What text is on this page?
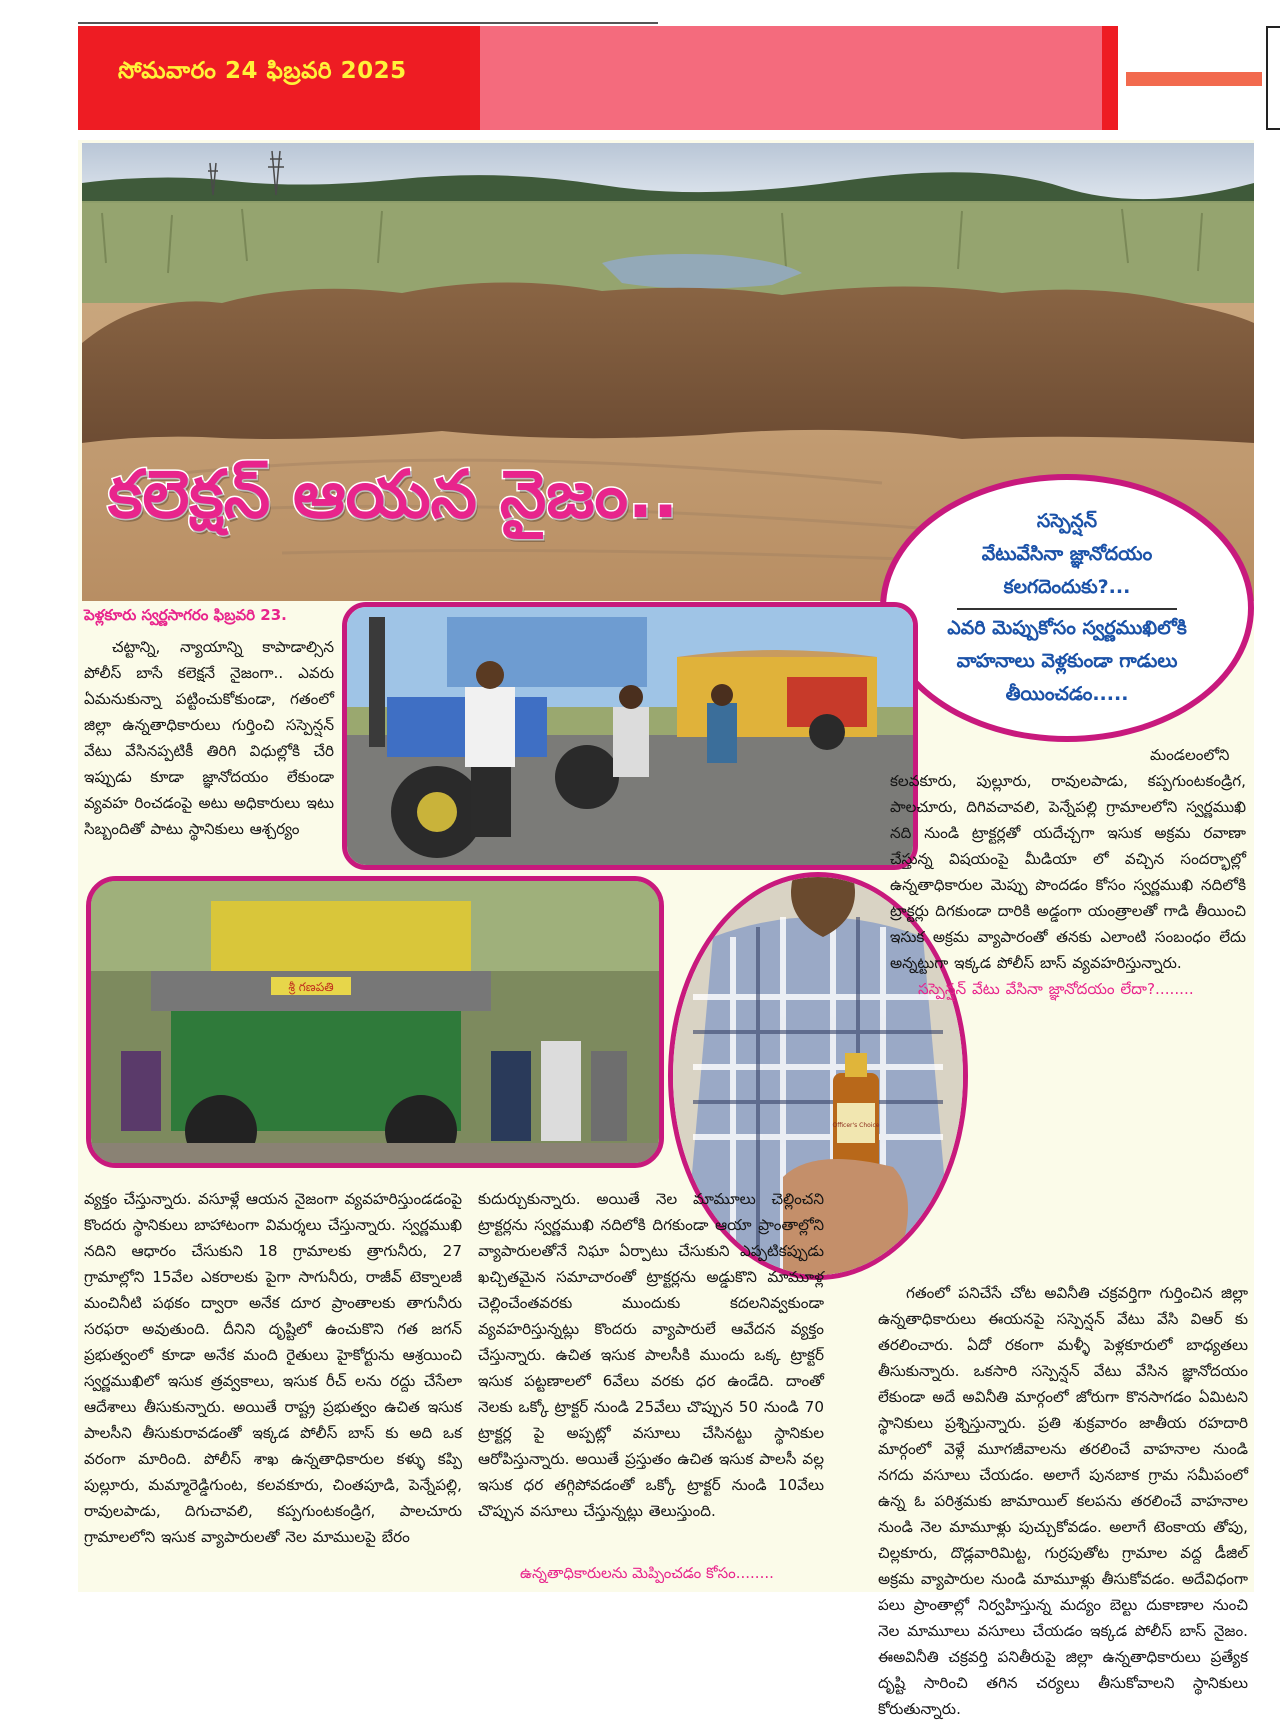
సోమవారం 24 ఫిబ్రవరి 2025
కలెక్షన్ ఆయన నైజం..	సస్పెన్షన్
వేటువేసినా జ్ఞానోదయం
కలగదెందుకు?...
ఎవరి మెప్పుకోసం స్వర్ణముఖిలోకి
వాహనాలు వెళ్లకుండా గాడులు
తీయించడం.....
శ్రీ గణపతి
Officer's Choice
పెళ్లకూరు స్వర్ణసాగరం ఫిబ్రవరి 23.

చట్టాన్ని, న్యాయాన్ని కాపాడాల్సిన పోలీస్ బాసే కలెక్షనే నైజంగా.. ఎవరు ఏమనుకున్నా పట్టించుకోకుండా, గతంలో జిల్లా ఉన్నతాధికారులు గుర్తించి సస్పెన్షన్ వేటు వేసినప్పటికీ తిరిగి విధుల్లోకి చేరి ఇప్పుడు కూడా జ్ఞానోదయం లేకుండా వ్యవహ రించడంపై అటు అధికారులు ఇటు సిబ్బందితో పాటు స్థానికులు ఆశ్చర్యం

మండలంలోని కలవకూరు, పుల్లూరు, రావులపాడు, కప్పగుంటకండ్రిగ, పాలచూరు, దిగివచావలి, పెన్నేపల్లి గ్రామాలలోని స్వర్ణముఖి నది నుండి ట్రాక్టర్లతో యదేచ్చగా ఇసుక అక్రమ రవాణా చేస్తున్న విషయంపై మీడియా లో వచ్చిన సందర్భాల్లో ఉన్నతాధికారుల మెప్పు పొందడం కోసం స్వర్ణముఖి నదిలోకి ట్రాక్టర్లు దిగకుండా దారికి అడ్డంగా యంత్రాలతో గాడి తీయించి ఇసుక అక్రమ వ్యాపారంతో తనకు ఎలాంటి సంబంధం లేదు అన్నట్టుగా ఇక్కడ పోలీస్ బాస్ వ్యవహరిస్తున్నారు.

సస్పెన్షన్ వేటు వేసినా జ్ఞానోదయం లేదా?........

వ్యక్తం చేస్తున్నారు. వసూళ్లే ఆయన నైజంగా వ్యవహరిస్తుండడంపై కొందరు స్థానికులు బాహాటంగా విమర్శలు చేస్తున్నారు. స్వర్ణముఖి నదిని ఆధారం చేసుకుని 18 గ్రామాలకు త్రాగునీరు, 27 గ్రామాల్లోని 15వేల ఎకరాలకు పైగా సాగునీరు, రాజీవ్ టెక్నాలజీ మంచినీటి పథకం ద్వారా అనేక దూర ప్రాంతాలకు తాగునీరు సరఫరా అవుతుంది. దీనిని దృష్టిలో ఉంచుకొని గత జగన్ ప్రభుత్వంలో కూడా అనేక మంది రైతులు హైకోర్టును ఆశ్రయించి స్వర్ణముఖిలో ఇసుక త్రవ్వకాలు, ఇసుక రీచ్ లను రద్దు చేసేలా ఆదేశాలు తీసుకున్నారు. అయితే రాష్ట్ర ప్రభుత్వం ఉచిత ఇసుక పాలసీని తీసుకురావడంతో ఇక్కడ పోలీస్ బాస్ కు అది ఒక వరంగా మారింది. పోలీస్ శాఖ ఉన్నతాధికారుల కళ్ళు కప్పి పుల్లూరు, మమ్మారెడ్డిగుంట, కలవకూరు, చింతపూడి, పెన్నేపల్లి, రావులపాడు, దిగుచావలి, కప్పగుంటకండ్రిగ, పాలచూరు గ్రామాలలోని ఇసుక వ్యాపారులతో నెల మాములపై బేరం

కుదుర్చుకున్నారు. అయితే నెల మామూలు చెల్లించని ట్రాక్టర్లను స్వర్ణముఖి నదిలోకి దిగకుండా ఆయా ప్రాంతాల్లోని వ్యాపారులతోనే నిఘా ఏర్పాటు చేసుకుని ఎప్పటికప్పుడు ఖచ్చితమైన సమాచారంతో ట్రాక్టర్లను అడ్డుకొని మామూళ్ల చెల్లించేంతవరకు ముందుకు కదలనివ్వకుండా వ్యవహరిస్తున్నట్లు కొందరు వ్యాపారులే ఆవేదన వ్యక్తం చేస్తున్నారు. ఉచిత ఇసుక పాలసీకి ముందు ఒక్క ట్రాక్టర్ ఇసుక పట్టణాలలో 6వేలు వరకు ధర ఉండేది. దాంతో నెలకు ఒక్కో ట్రాక్టర్ నుండి 25వేలు చొప్పున 50 నుండి 70 ట్రాక్టర్ల పై అప్పట్లో వసూలు చేసినట్టు స్థానికుల ఆరోపిస్తున్నారు. అయితే ప్రస్తుతం ఉచిత ఇసుక పాలసీ వల్ల ఇసుక ధర తగ్గిపోవడంతో ఒక్కో ట్రాక్టర్ నుండి 10వేలు చొప్పున వసూలు చేస్తున్నట్లు తెలుస్తుంది.

ఉన్నతాధికారులను మెప్పించడం కోసం........

గతంలో పనిచేసే చోట అవినీతి చక్రవర్తిగా గుర్తించిన జిల్లా ఉన్నతాధికారులు ఈయనపై సస్పెన్షన్ వేటు వేసి విఆర్ కు తరలించారు. ఏదో రకంగా మళ్ళీ పెళ్లకూరులో బాధ్యతలు తీసుకున్నారు. ఒకసారి సస్పెన్షన్ వేటు వేసిన జ్ఞానోదయం లేకుండా అదే అవినీతి మార్గంలో జోరుగా కొనసాగడం ఏమిటని స్థానికులు ప్రశ్నిస్తున్నారు. ప్రతి శుక్రవారం జాతీయ రహదారి మార్గంలో వెళ్లే మూగజీవాలను తరలించే వాహనాల నుండి నగదు వసూలు చేయడం. అలాగే పునబాక గ్రామ సమీపంలో ఉన్న ఓ పరిశ్రమకు జామాయిల్ కలపను తరలించే వాహనాల నుండి నెల మామూళ్లు పుచ్చుకోవడం. అలాగే టెంకాయ తోపు, చిల్లకూరు, దొడ్లవారిమిట్ట, గుర్రపుతోట గ్రామాల వద్ద డీజిల్ అక్రమ వ్యాపారుల నుండి మామూళ్లు తీసుకోవడం. అదేవిధంగా పలు ప్రాంతాల్లో నిర్వహిస్తున్న మద్యం బెల్టు దుకాణాల నుంచి నెల మామూలు వసూలు చేయడం ఇక్కడ పోలీస్ బాస్ నైజం. ఈఅవినీతి చక్రవర్తి పనితీరుపై జిల్లా ఉన్నతాధికారులు ప్రత్యేక దృష్టి సారించి తగిన చర్యలు తీసుకోవాలని స్థానికులు కోరుతున్నారు.
